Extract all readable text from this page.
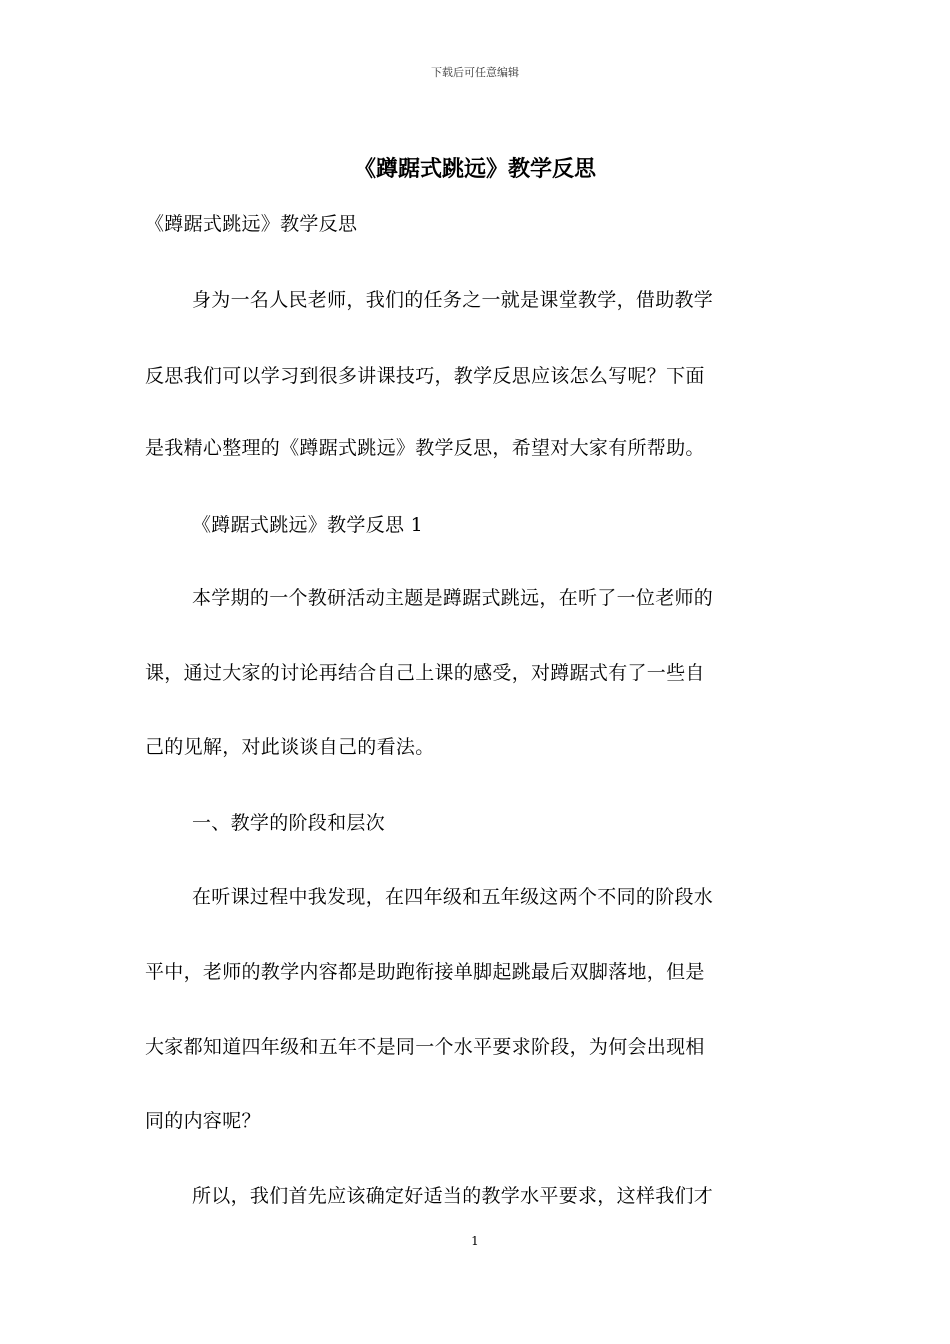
下载后可任意编辑
《蹲踞式跳远》教学反思
《蹲踞式跳远》教学反思
身为一名人民老师，我们的任务之一就是课堂教学，借助教学
反思我们可以学习到很多讲课技巧，教学反思应该怎么写呢？下面
是我精心整理的《蹲踞式跳远》教学反思，希望对大家有所帮助。
《蹲踞式跳远》教学反思 1
本学期的一个教研活动主题是蹲踞式跳远，在听了一位老师的
课，通过大家的讨论再结合自己上课的感受，对蹲踞式有了一些自
己的见解，对此谈谈自己的看法。
一、教学的阶段和层次
在听课过程中我发现，在四年级和五年级这两个不同的阶段水
平中，老师的教学内容都是助跑衔接单脚起跳最后双脚落地，但是
大家都知道四年级和五年不是同一个水平要求阶段，为何会出现相
同的内容呢？
所以，我们首先应该确定好适当的教学水平要求，这样我们才
1
